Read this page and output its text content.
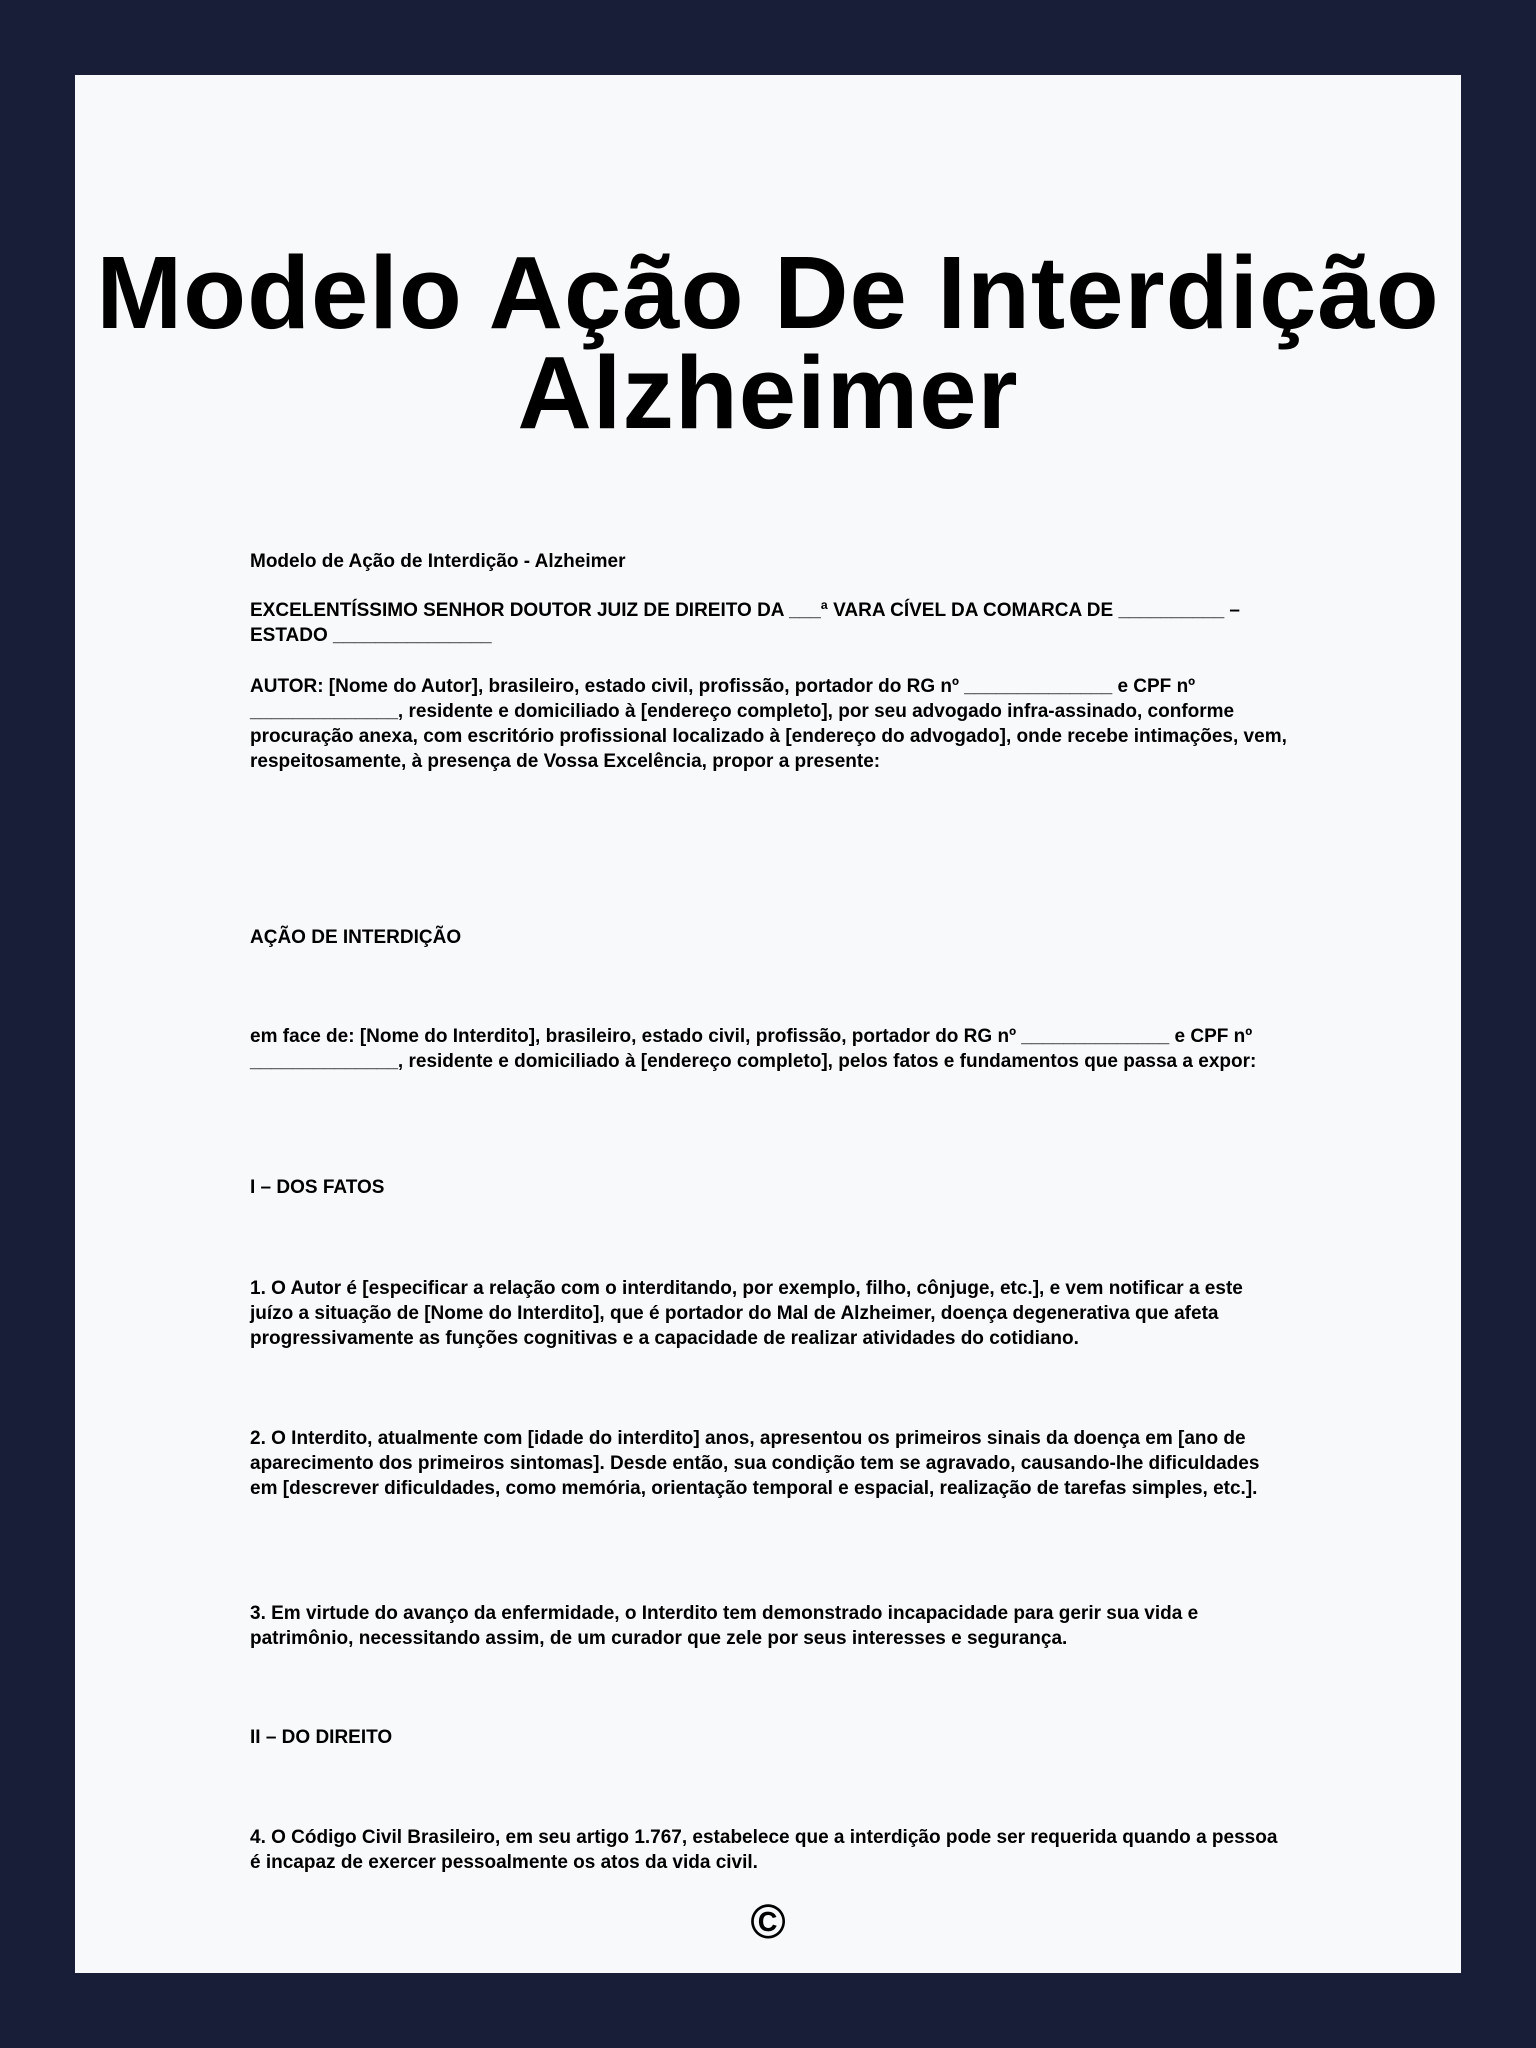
Modelo Ação De Interdição
Alzheimer

Modelo de Ação de Interdição - Alzheimer

EXCELENTÍSSIMO SENHOR DOUTOR JUIZ DE DIREITO DA ___ª VARA CÍVEL DA COMARCA DE __________ – ESTADO _______________

AUTOR: [Nome do Autor], brasileiro, estado civil, profissão, portador do RG nº ______________ e CPF nº ______________, residente e domiciliado à [endereço completo], por seu advogado infra-assinado, conforme procuração anexa, com escritório profissional localizado à [endereço do advogado], onde recebe intimações, vem, respeitosamente, à presença de Vossa Excelência, propor a presente:

AÇÃO DE INTERDIÇÃO

em face de: [Nome do Interdito], brasileiro, estado civil, profissão, portador do RG nº ______________ e CPF nº ______________, residente e domiciliado à [endereço completo], pelos fatos e fundamentos que passa a expor:

I – DOS FATOS

1. O Autor é [especificar a relação com o interditando, por exemplo, filho, cônjuge, etc.], e vem notificar a este juízo a situação de [Nome do Interdito], que é portador do Mal de Alzheimer, doença degenerativa que afeta progressivamente as funções cognitivas e a capacidade de realizar atividades do cotidiano.

2. O Interdito, atualmente com [idade do interdito] anos, apresentou os primeiros sinais da doença em [ano de aparecimento dos primeiros sintomas]. Desde então, sua condição tem se agravado, causando-lhe dificuldades em [descrever dificuldades, como memória, orientação temporal e espacial, realização de tarefas simples, etc.].

3. Em virtude do avanço da enfermidade, o Interdito tem demonstrado incapacidade para gerir sua vida e patrimônio, necessitando assim, de um curador que zele por seus interesses e segurança.

II – DO DIREITO

4. O Código Civil Brasileiro, em seu artigo 1.767, estabelece que a interdição pode ser requerida quando a pessoa é incapaz de exercer pessoalmente os atos da vida civil.

©
